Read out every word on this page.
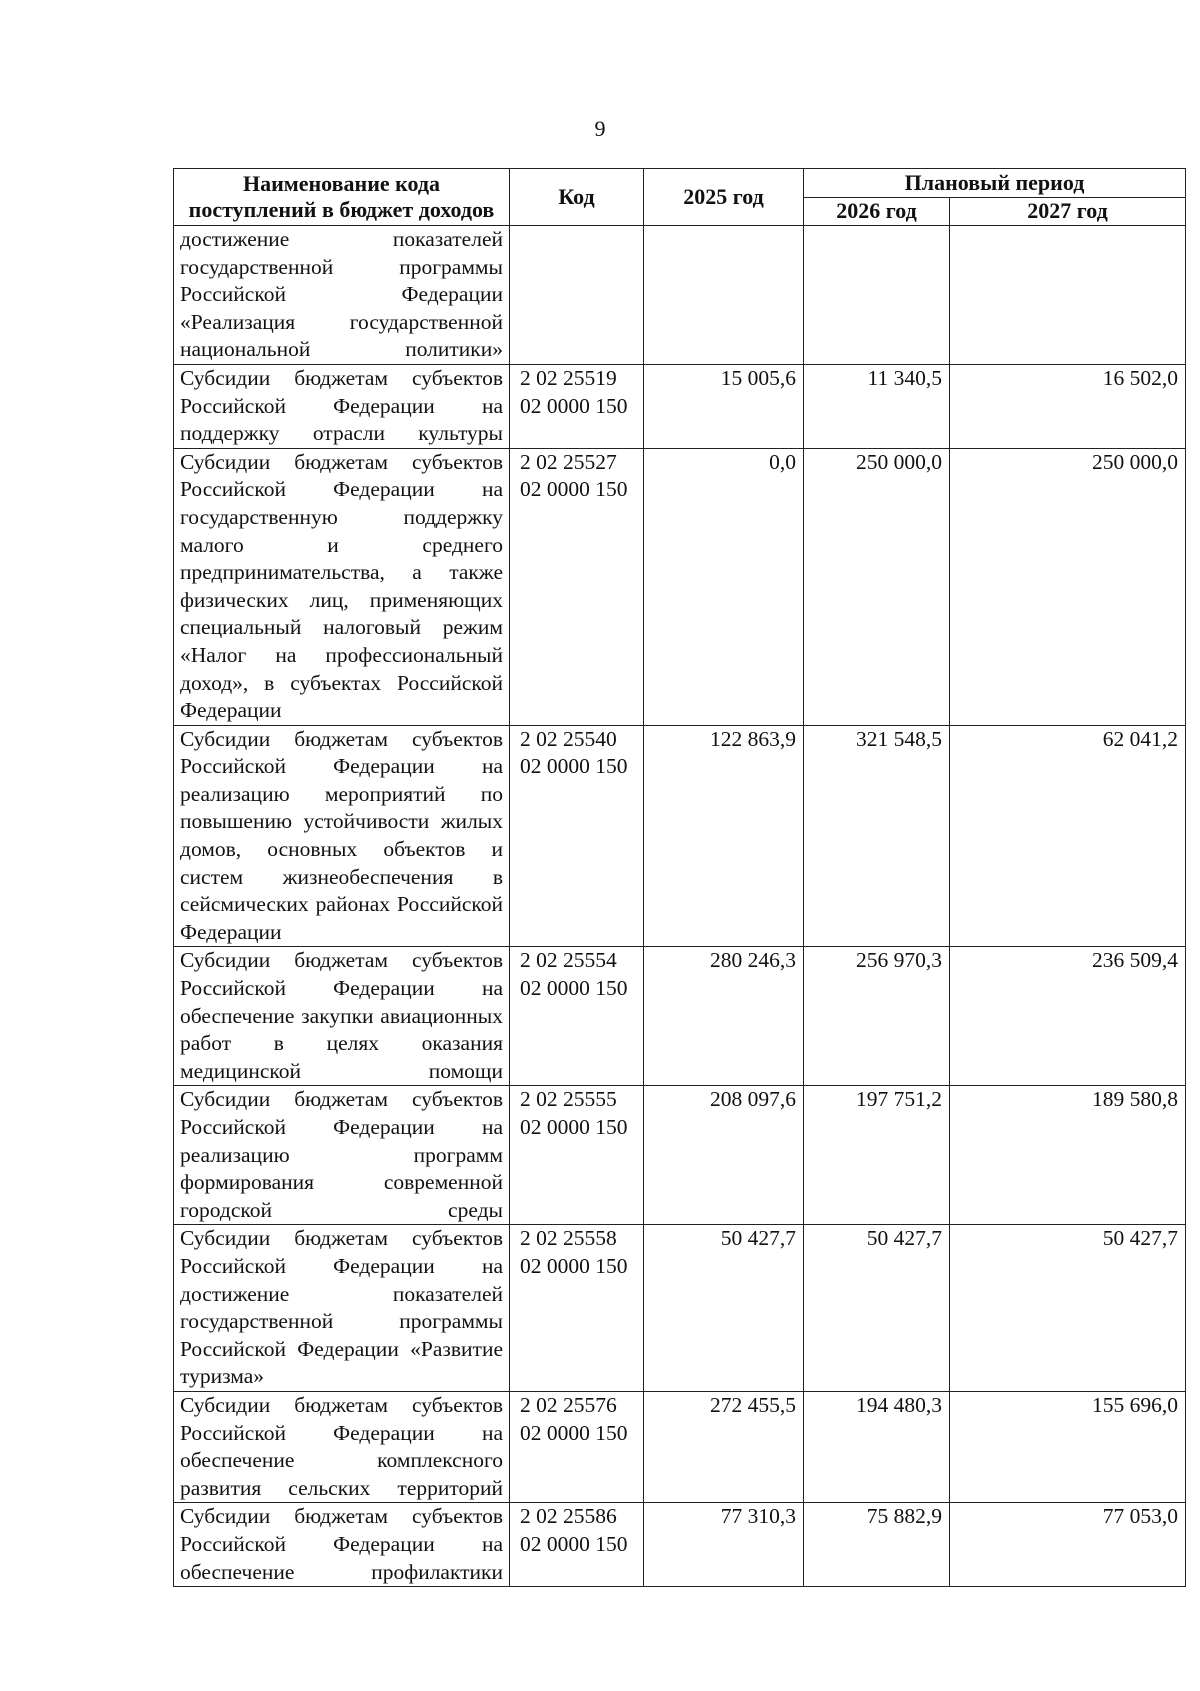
9
Наименование кода поступлений в бюджет доходов	Код	2025 год	Плановый период	
			2026 год	2027 год
достижение показателей государственной программы Российской Федерации «Реализация государственной национальной политики»	

Субсидии бюджетам субъектов Российской Федерации на поддержку отрасли культуры	2 02 25519
02 0000 150	15 005,6	11 340,5	16 502,0
Субсидии бюджетам субъектов Российской Федерации на государственную поддержку малого и среднего предпринимательства, а также физических лиц, применяющих специальный налоговый режим «Налог на профессиональный доход», в субъектах Российской Федерации	2 02 25527
02 0000 150	0,0	250 000,0	250 000,0
Субсидии бюджетам субъектов Российской Федерации на реализацию мероприятий по повышению устойчивости жилых домов, основных объектов и систем жизнеобеспечения в сейсмических районах Российской Федерации	2 02 25540
02 0000 150	122 863,9	321 548,5	62 041,2
Субсидии бюджетам субъектов Российской Федерации на обеспечение закупки авиационных работ в целях оказания медицинской помощи	2 02 25554
02 0000 150	280 246,3	256 970,3	236 509,4
Субсидии бюджетам субъектов Российской Федерации на реализацию программ формирования современной городской среды	2 02 25555
02 0000 150	208 097,6	197 751,2	189 580,8
Субсидии бюджетам субъектов Российской Федерации на достижение показателей государственной программы Российской Федерации «Развитие туризма»	2 02 25558
02 0000 150	50 427,7	50 427,7	50 427,7
Субсидии бюджетам субъектов Российской Федерации на обеспечение комплексного развития сельских территорий	2 02 25576
02 0000 150	272 455,5	194 480,3	155 696,0
Субсидии бюджетам субъектов Российской Федерации на обеспечение профилактики	2 02 25586
02 0000 150	77 310,3	75 882,9	77 053,0
